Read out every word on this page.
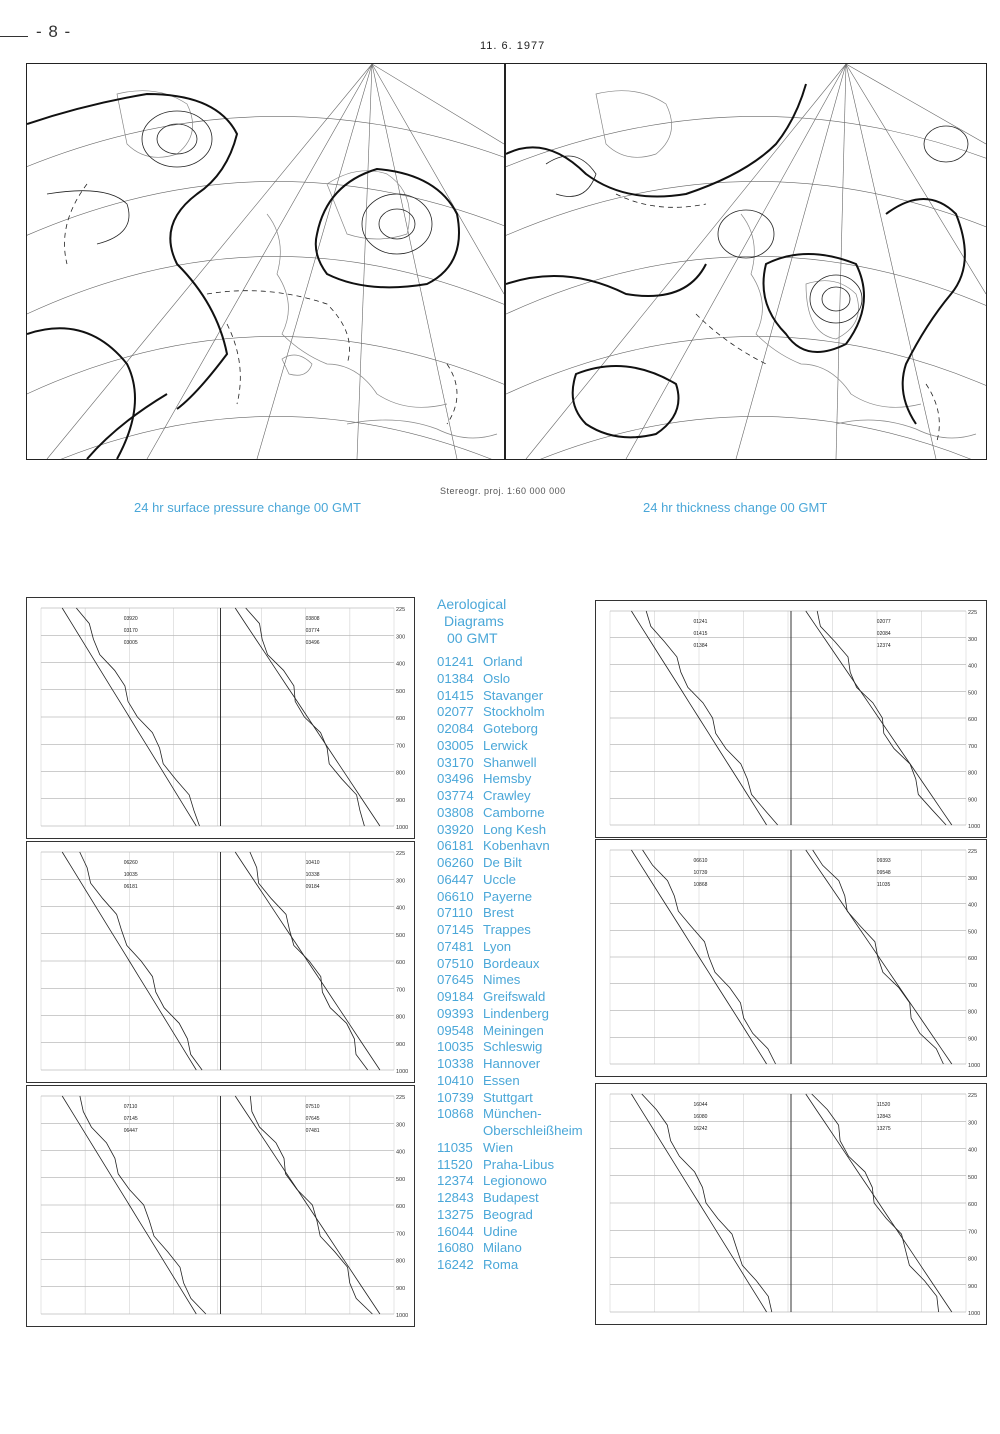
- 8 -
11. 6. 1977
Stereogr. proj. 1:60 000 000
24 hr surface pressure change 00 GMT	24 hr thickness change 00 GMT
225
300
400
500
600
700
800
900
1000
03920
03170
03005
03808
03774
03496
225
300
400
500
600
700
800
900
1000
06260
10035
06181
10410
10338
09184
225
300
400
500
600
700
800
900
1000
07110
07145
06447
07510
07645
07481
225
300
400
500
600
700
800
900
1000
01241
01415
01384
02077
02084
12374
225
300
400
500
600
700
800
900
1000
06610
10739
10868
09393
09548
11035
225
300
400
500
600
700
800
900
1000
16044
16080
16242
11520
12843
13275
Aerological
Diagrams
00 GMT
01241 Orland
01384 Oslo
01415 Stavanger
02077 Stockholm
02084 Goteborg
03005 Lerwick
03170 Shanwell
03496 Hemsby
03774 Crawley
03808 Camborne
03920 Long Kesh
06181 Kobenhavn
06260 De Bilt
06447 Uccle
06610 Payerne
07110 Brest
07145 Trappes
07481 Lyon
07510 Bordeaux
07645 Nimes
09184 Greifswald
09393 Lindenberg
09548 Meiningen
10035 Schleswig
10338 Hannover
10410 Essen
10739 Stuttgart
10868 München-
Oberschleißheim
11035 Wien
11520 Praha-Libus
12374 Legionowo
12843 Budapest
13275 Beograd
16044 Udine
16080 Milano
16242 Roma
